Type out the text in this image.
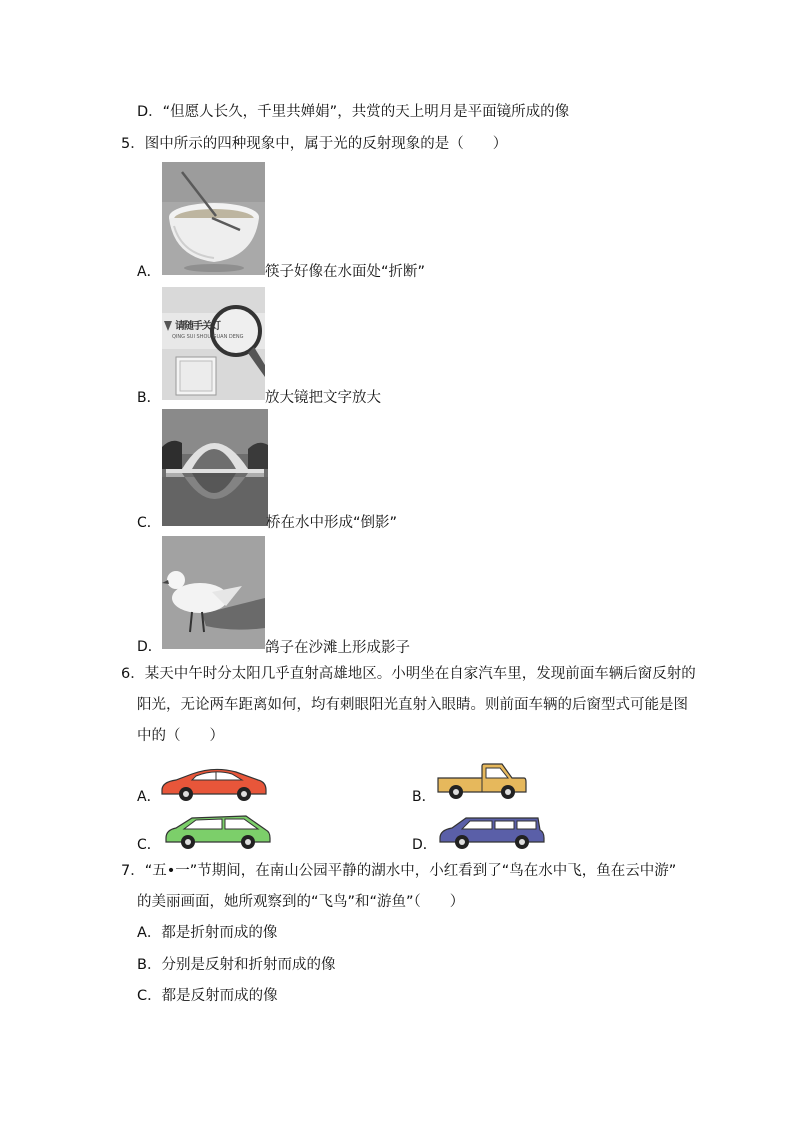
D．“但愿人长久，千里共婵娟”，共赏的天上明月是平面镜所成的像
5．图中所示的四种现象中，属于光的反射现象的是（　　）
A．	筷子好像在水面处“折断”
B．
请随手关灯
QING SUI SHOU GUAN DENG
放大镜把文字放大
C．	桥在水中形成“倒影”
D．	鸽子在沙滩上形成影子
6．某天中午时分太阳几乎直射高雄地区。小明坐在自家汽车里，发现前面车辆后窗反射的
阳光，无论两车距离如何，均有刺眼阳光直射入眼睛。则前面车辆的后窗型式可能是图
中的（　　）
A．	B．
C．	D．
7．“五•一”节期间，在南山公园平静的湖水中，小红看到了“鸟在水中飞，鱼在云中游”
的美丽画面，她所观察到的“飞鸟”和“游鱼”（　　）
A．都是折射而成的像
B．分别是反射和折射而成的像
C．都是反射而成的像
